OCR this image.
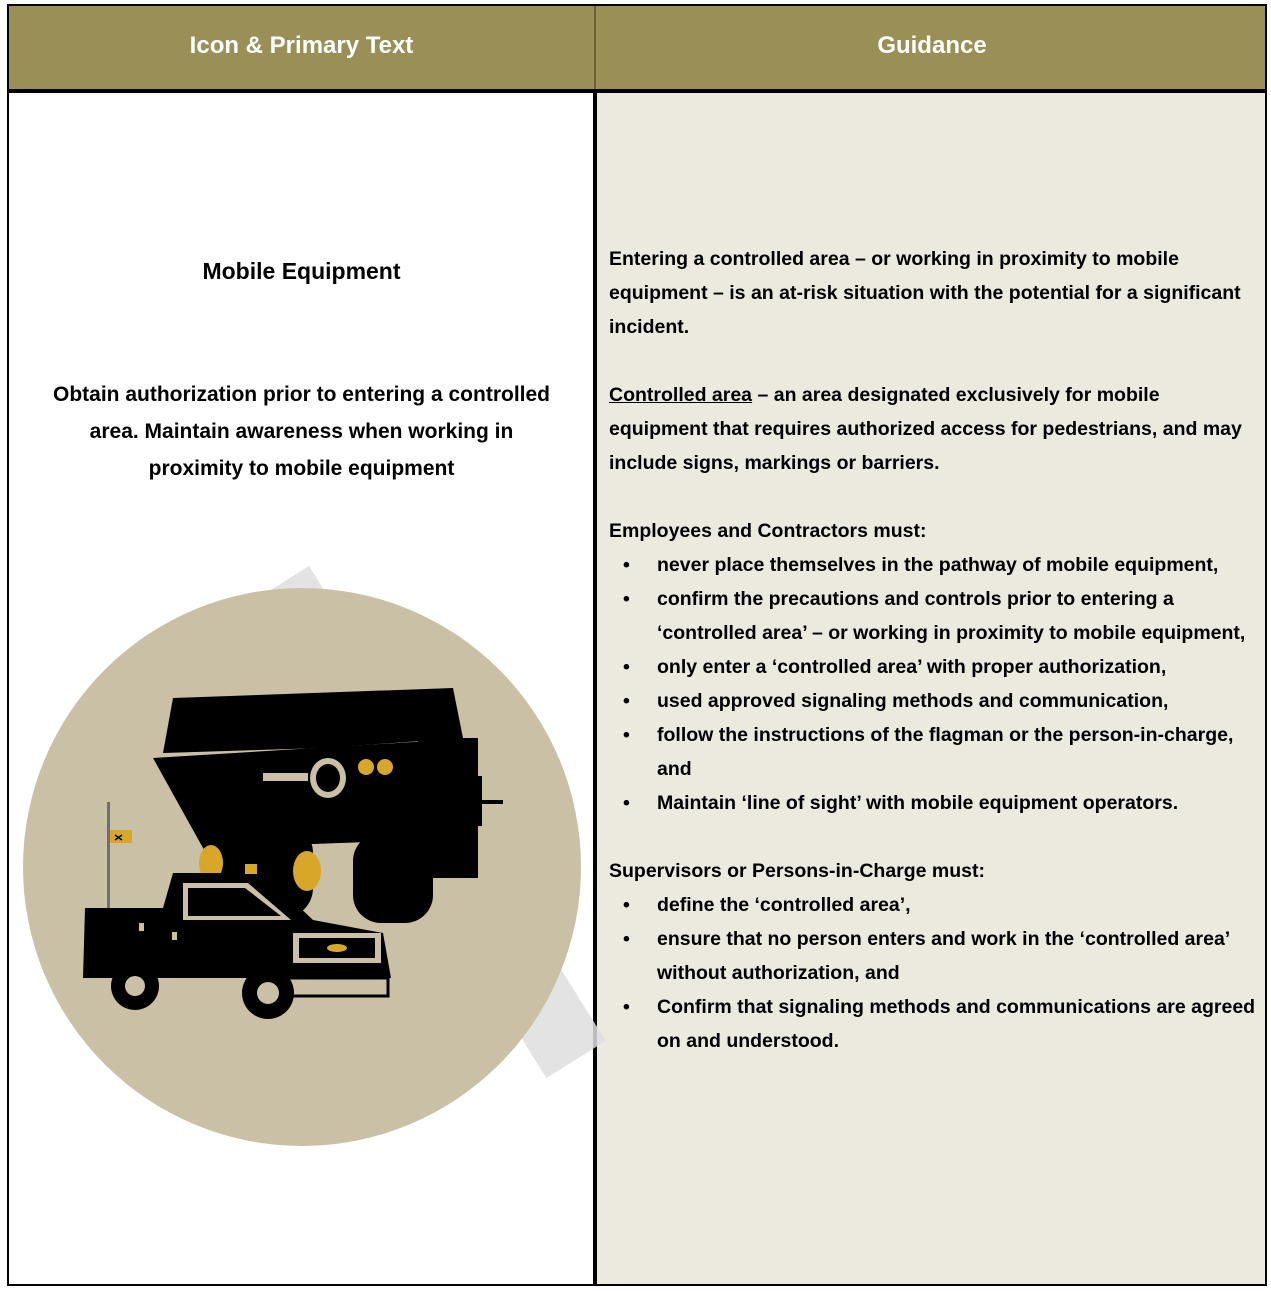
Icon & Primary Text	Guidance
Mobile Equipment
Obtain authorization prior to entering a controlled area. Maintain awareness when working in proximity to mobile equipment

Entering a controlled area – or working in proximity to mobile equipment – is an at-risk situation with the potential for a significant incident.

Controlled area – an area designated exclusively for mobile equipment that requires authorized access for pedestrians, and may include signs, markings or barriers.

Employees and Contractors must:

• never place themselves in the pathway of mobile equipment,
• confirm the precautions and controls prior to entering a ‘controlled area’ – or working in proximity to mobile equipment,
• only enter a ‘controlled area’ with proper authorization,
• used approved signaling methods and communication,
• follow the instructions of the flagman or the person-in-charge, and
• Maintain ‘line of sight’ with mobile equipment operators.

Supervisors or Persons-in-Charge must:

• define the ‘controlled area’,
• ensure that no person enters and work in the ‘controlled area’ without authorization, and
• Confirm that signaling methods and communications are agreed on and understood.
